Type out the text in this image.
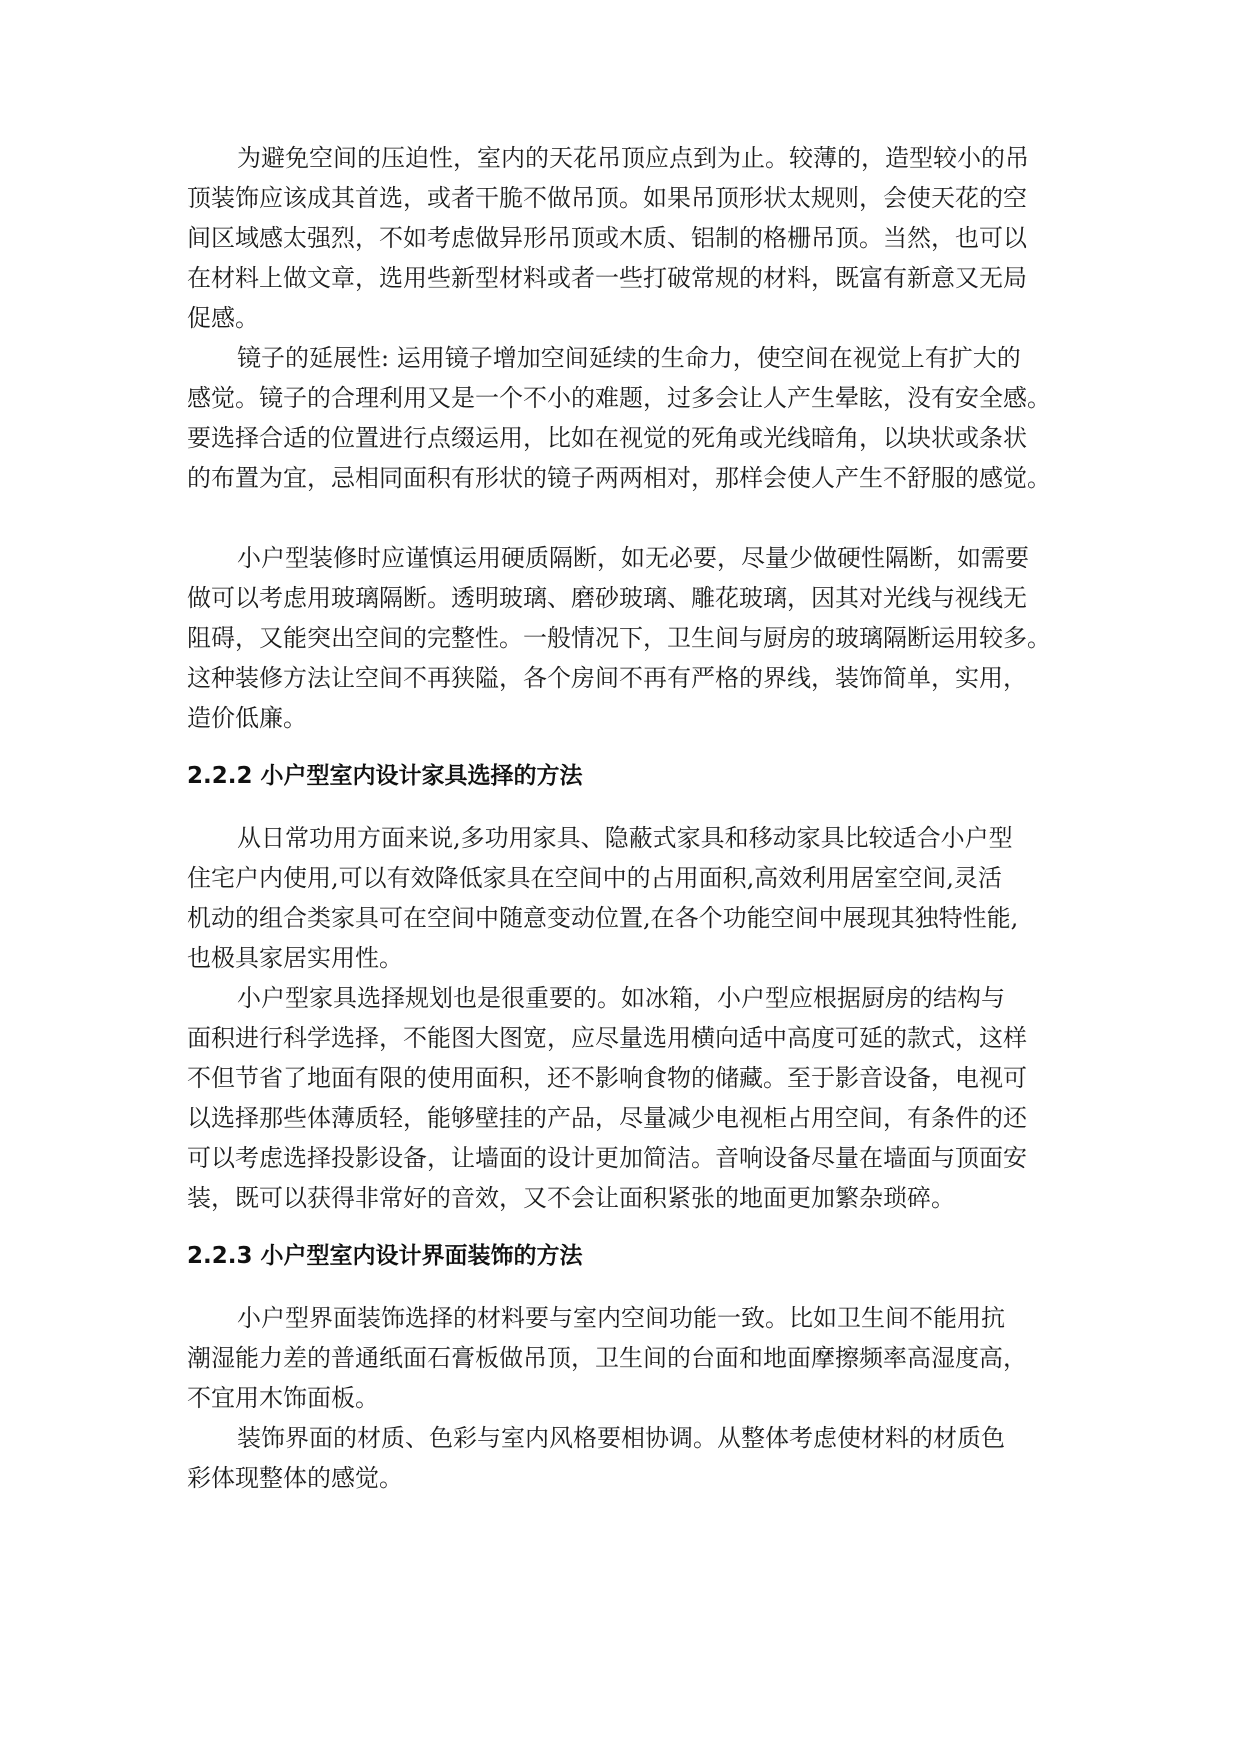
为避免空间的压迫性，室内的天花吊顶应点到为止。较薄的，造型较小的吊

顶装饰应该成其首选，或者干脆不做吊顶。如果吊顶形状太规则，会使天花的空

间区域感太强烈，不如考虑做异形吊顶或木质、铝制的格栅吊顶。当然，也可以

在材料上做文章，选用些新型材料或者一些打破常规的材料，既富有新意又无局

促感。

镜子的延展性: 运用镜子增加空间延续的生命力，使空间在视觉上有扩大的

感觉。镜子的合理利用又是一个不小的难题，过多会让人产生晕眩，没有安全感。

要选择合适的位置进行点缀运用，比如在视觉的死角或光线暗角，以块状或条状

的布置为宜，忌相同面积有形状的镜子两两相对，那样会使人产生不舒服的感觉。

小户型装修时应谨慎运用硬质隔断，如无必要，尽量少做硬性隔断，如需要

做可以考虑用玻璃隔断。透明玻璃、磨砂玻璃、雕花玻璃，因其对光线与视线无

阻碍，又能突出空间的完整性。一般情况下，卫生间与厨房的玻璃隔断运用较多。

这种装修方法让空间不再狭隘，各个房间不再有严格的界线，装饰简单，实用，

造价低廉。

2.2.2 小户型室内设计家具选择的方法

从日常功用方面来说,多功用家具、隐蔽式家具和移动家具比较适合小户型

住宅户内使用,可以有效降低家具在空间中的占用面积,高效利用居室空间,灵活

机动的组合类家具可在空间中随意变动位置,在各个功能空间中展现其独特性能,

也极具家居实用性。

小户型家具选择规划也是很重要的。如冰箱，小户型应根据厨房的结构与

面积进行科学选择，不能图大图宽，应尽量选用横向适中高度可延的款式，这样

不但节省了地面有限的使用面积，还不影响食物的储藏。至于影音设备，电视可

以选择那些体薄质轻，能够壁挂的产品，尽量减少电视柜占用空间，有条件的还

可以考虑选择投影设备，让墙面的设计更加简洁。音响设备尽量在墙面与顶面安

装，既可以获得非常好的音效，又不会让面积紧张的地面更加繁杂琐碎。

2.2.3 小户型室内设计界面装饰的方法

小户型界面装饰选择的材料要与室内空间功能一致。比如卫生间不能用抗

潮湿能力差的普通纸面石膏板做吊顶，卫生间的台面和地面摩擦频率高湿度高，

不宜用木饰面板。

装饰界面的材质、色彩与室内风格要相协调。从整体考虑使材料的材质色

彩体现整体的感觉。
